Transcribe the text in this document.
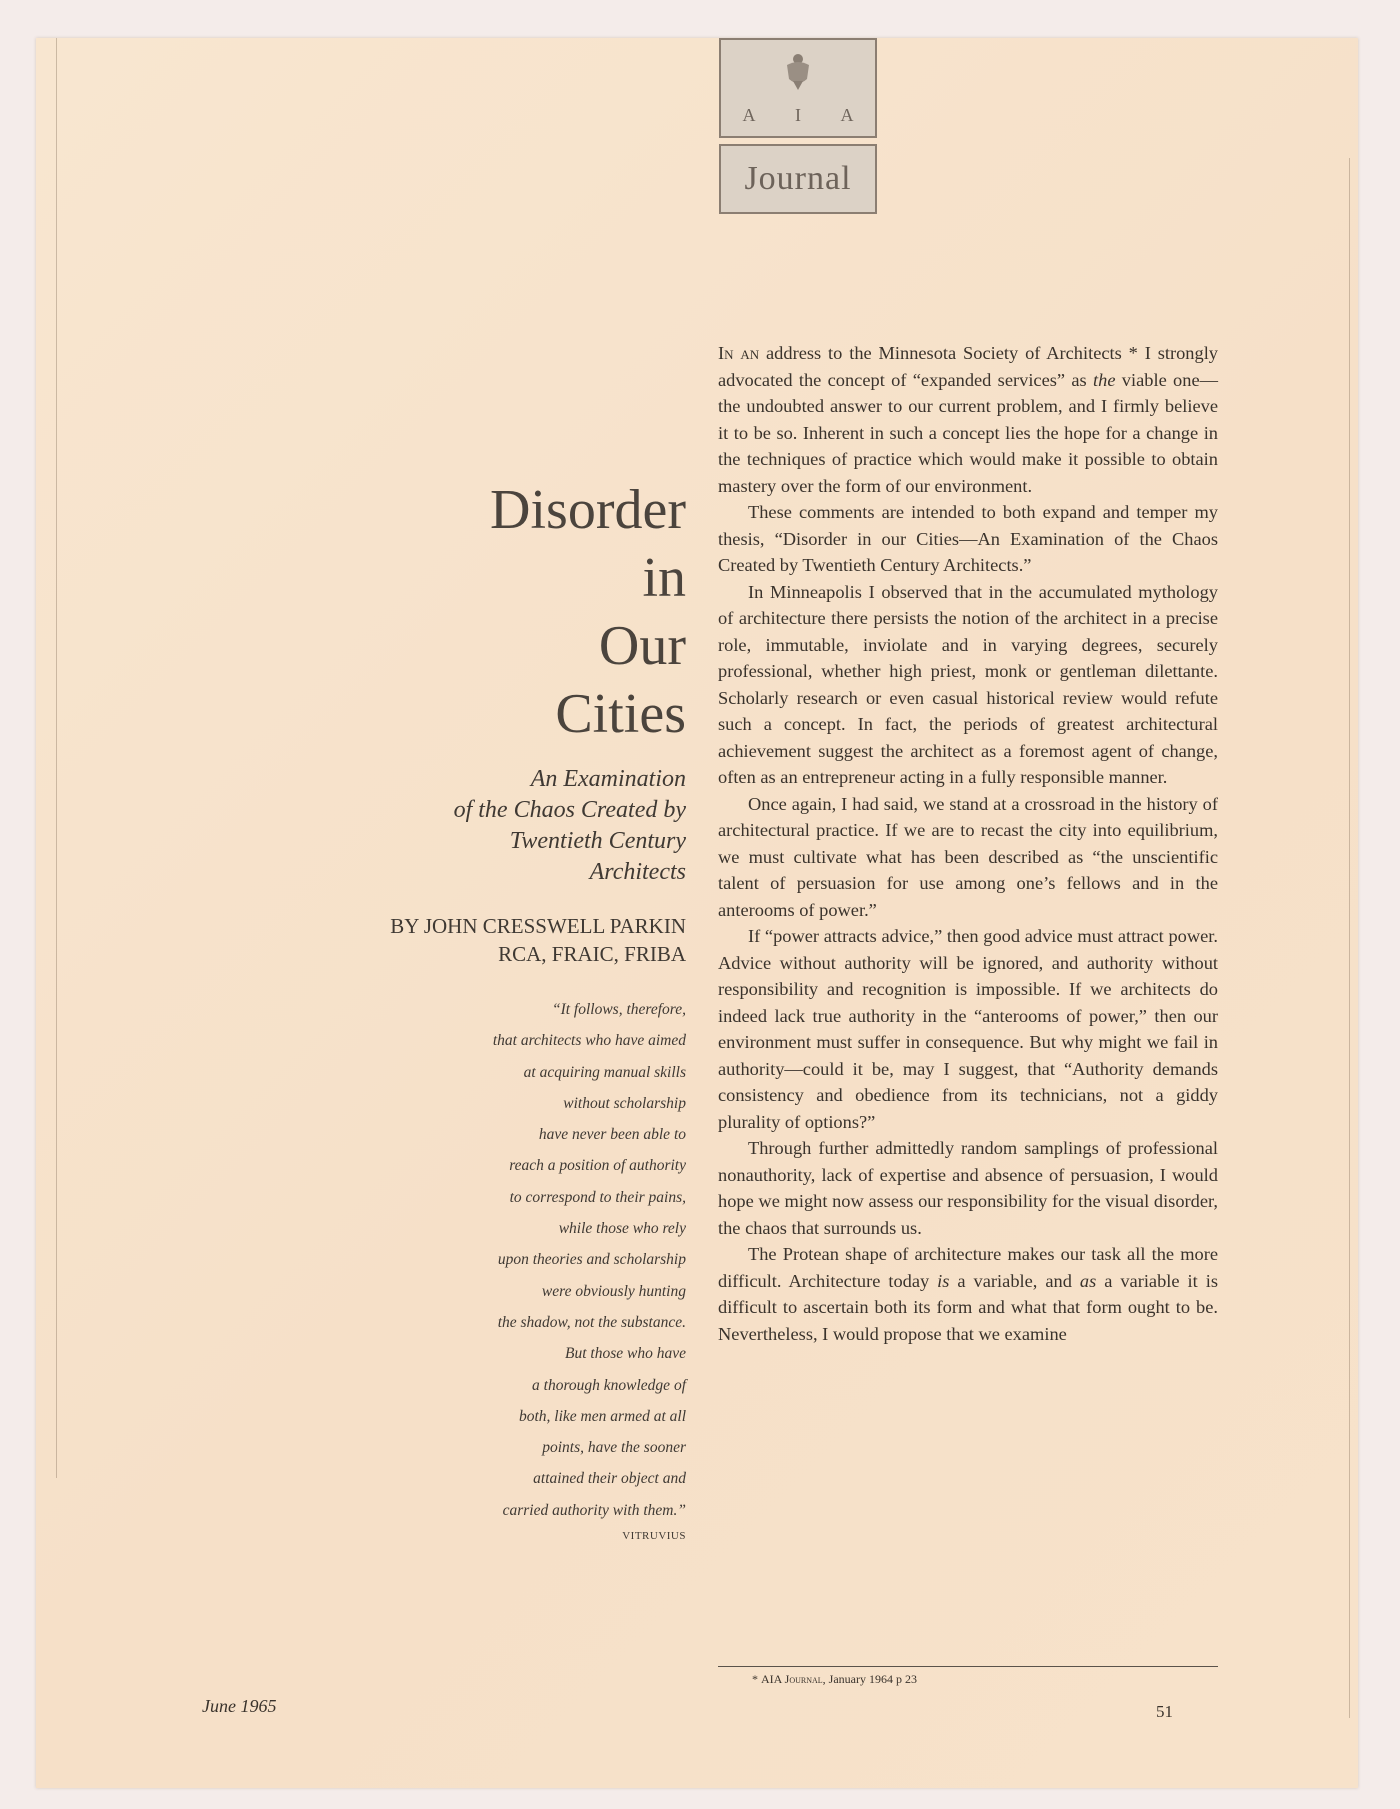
A I A
Journal
Disorder
in
Our
Cities
An Examination
of the Chaos Created by
Twentieth Century
Architects
BY JOHN CRESSWELL PARKIN
RCA, FRAIC, FRIBA
“It follows, therefore,
that architects who have aimed
at acquiring manual skills
without scholarship
have never been able to
reach a position of authority
to correspond to their pains,
while those who rely
upon theories and scholarship
were obviously hunting
the shadow, not the substance.
But those who have
a thorough knowledge of
both, like men armed at all
points, have the sooner
attained their object and
carried authority with them.”
VITRUVIUS

In an address to the Minnesota Society of Architects * I strongly advocated the concept of “expanded services” as the viable one—the undoubted answer to our current problem, and I firmly believe it to be so. Inherent in such a concept lies the hope for a change in the techniques of practice which would make it possible to obtain mastery over the form of our environment.

These comments are intended to both expand and temper my thesis, “Disorder in our Cities—An Examination of the Chaos Created by Twentieth Century Architects.”

In Minneapolis I observed that in the accumulated mythology of architecture there persists the notion of the architect in a precise role, immutable, inviolate and in varying degrees, securely professional, whether high priest, monk or gentleman dilettante. Scholarly research or even casual historical review would refute such a concept. In fact, the periods of greatest architectural achievement suggest the architect as a foremost agent of change, often as an entrepreneur acting in a fully responsible manner.

Once again, I had said, we stand at a crossroad in the history of architectural practice. If we are to recast the city into equilibrium, we must cultivate what has been described as “the unscientific talent of persuasion for use among one’s fellows and in the anterooms of power.”

If “power attracts advice,” then good advice must attract power. Advice without authority will be ignored, and authority without responsibility and recognition is impossible. If we architects do indeed lack true authority in the “anterooms of power,” then our environment must suffer in consequence. But why might we fail in authority—could it be, may I suggest, that “Authority demands consistency and obedience from its technicians, not a giddy plurality of options?”

Through further admittedly random samplings of professional nonauthority, lack of expertise and absence of persuasion, I would hope we might now assess our responsibility for the visual disorder, the chaos that surrounds us.

The Protean shape of architecture makes our task all the more difficult. Architecture today is a variable, and as a variable it is difficult to ascertain both its form and what that form ought to be. Nevertheless, I would propose that we examine

* AIA Journal, January 1964 p 23
June 1965	51
